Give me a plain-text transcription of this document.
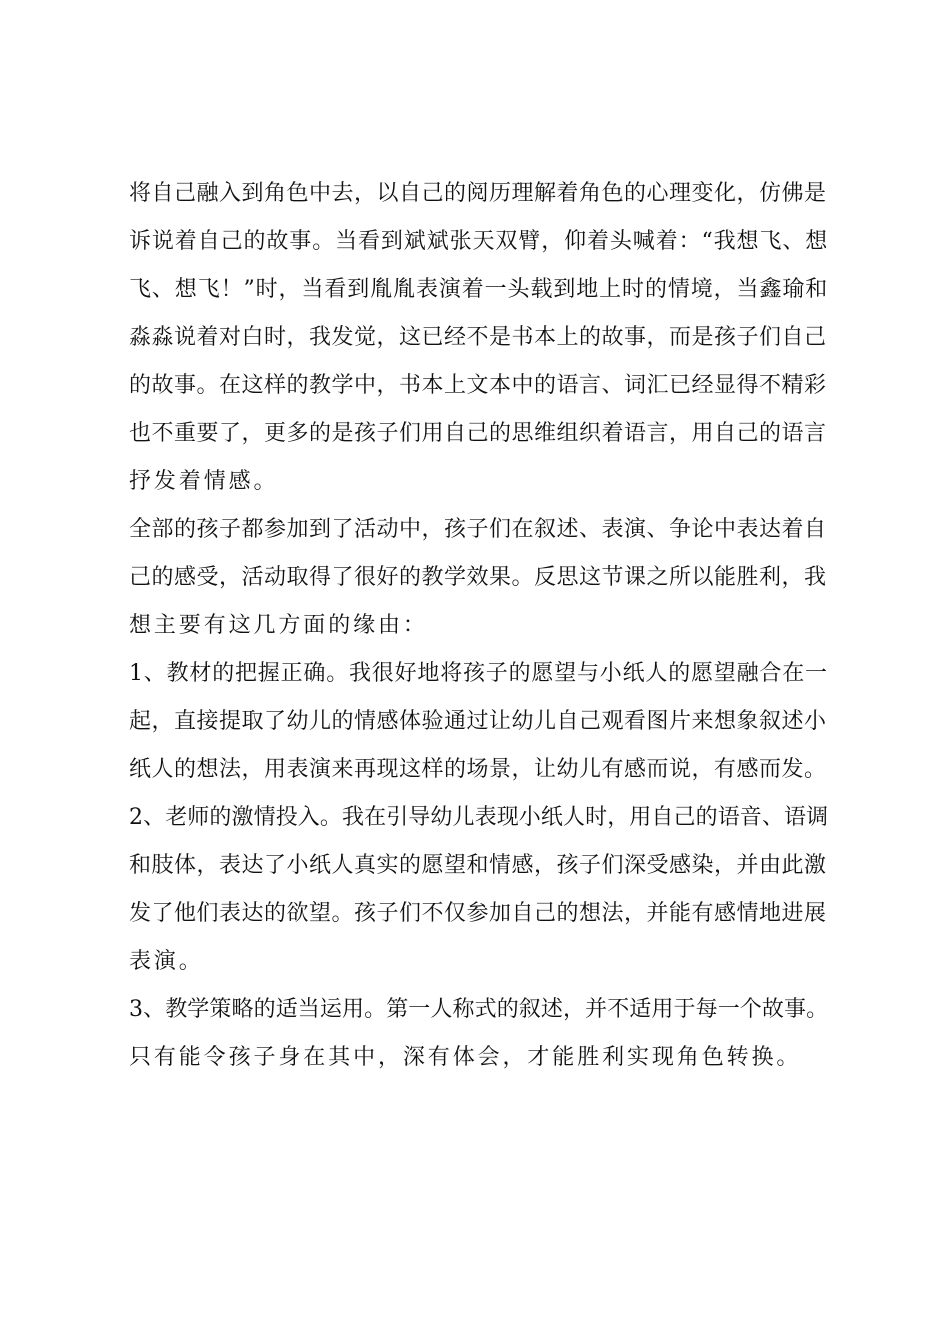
将自己融入到角色中去，以自己的阅历理解着角色的心理变化，仿佛是
诉说着自己的故事。当看到斌斌张天双臂，仰着头喊着：“我想飞、想
飞、想飞！”时，当看到胤胤表演着一头载到地上时的情境，当鑫瑜和
淼淼说着对白时，我发觉，这已经不是书本上的故事，而是孩子们自己
的故事。在这样的教学中，书本上文本中的语言、词汇已经显得不精彩
也不重要了，更多的是孩子们用自己的思维组织着语言，用自己的语言
抒发着情感。
全部的孩子都参加到了活动中，孩子们在叙述、表演、争论中表达着自
己的感受，活动取得了很好的教学效果。反思这节课之所以能胜利，我
想主要有这几方面的缘由：
1、教材的把握正确。我很好地将孩子的愿望与小纸人的愿望融合在一
起，直接提取了幼儿的情感体验通过让幼儿自己观看图片来想象叙述小
纸人的想法，用表演来再现这样的场景，让幼儿有感而说，有感而发。
2、老师的激情投入。我在引导幼儿表现小纸人时，用自己的语音、语调
和肢体，表达了小纸人真实的愿望和情感，孩子们深受感染，并由此激
发了他们表达的欲望。孩子们不仅参加自己的想法，并能有感情地进展
表演。
3、教学策略的适当运用。第一人称式的叙述，并不适用于每一个故事。
只有能令孩子身在其中，深有体会，才能胜利实现角色转换。
